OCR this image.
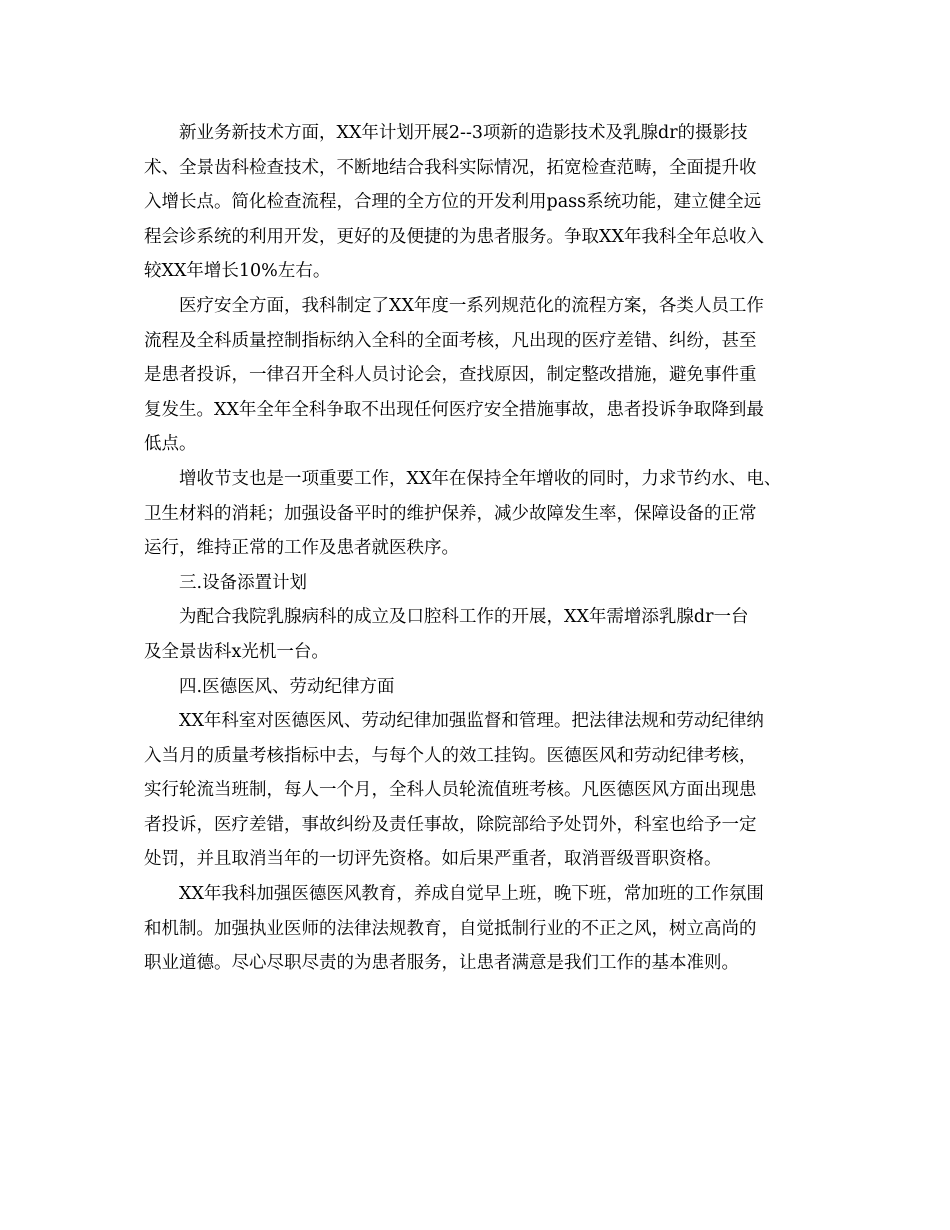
新业务新技术方面，XX年计划开展2--3项新的造影技术及乳腺dr的摄影技
术、全景齿科检查技术，不断地结合我科实际情况，拓宽检查范畴，全面提升收
入增长点。简化检查流程，合理的全方位的开发利用pass系统功能，建立健全远
程会诊系统的利用开发，更好的及便捷的为患者服务。争取XX年我科全年总收入
较XX年增长10%左右。

医疗安全方面，我科制定了XX年度一系列规范化的流程方案，各类人员工作
流程及全科质量控制指标纳入全科的全面考核，凡出现的医疗差错、纠纷，甚至
是患者投诉，一律召开全科人员讨论会，查找原因，制定整改措施，避免事件重
复发生。XX年全年全科争取不出现任何医疗安全措施事故，患者投诉争取降到最
低点。

增收节支也是一项重要工作，XX年在保持全年增收的同时，力求节约水、电、
卫生材料的消耗；加强设备平时的维护保养，减少故障发生率，保障设备的正常
运行，维持正常的工作及患者就医秩序。

三.设备添置计划

为配合我院乳腺病科的成立及口腔科工作的开展，XX年需增添乳腺dr一台
及全景齿科x光机一台。

四.医德医风、劳动纪律方面

XX年科室对医德医风、劳动纪律加强监督和管理。把法律法规和劳动纪律纳
入当月的质量考核指标中去，与每个人的效工挂钩。医德医风和劳动纪律考核，
实行轮流当班制，每人一个月，全科人员轮流值班考核。凡医德医风方面出现患
者投诉，医疗差错，事故纠纷及责任事故，除院部给予处罚外，科室也给予一定
处罚，并且取消当年的一切评先资格。如后果严重者，取消晋级晋职资格。

XX年我科加强医德医风教育，养成自觉早上班，晚下班，常加班的工作氛围
和机制。加强执业医师的法律法规教育，自觉抵制行业的不正之风，树立高尚的
职业道德。尽心尽职尽责的为患者服务，让患者满意是我们工作的基本准则。
